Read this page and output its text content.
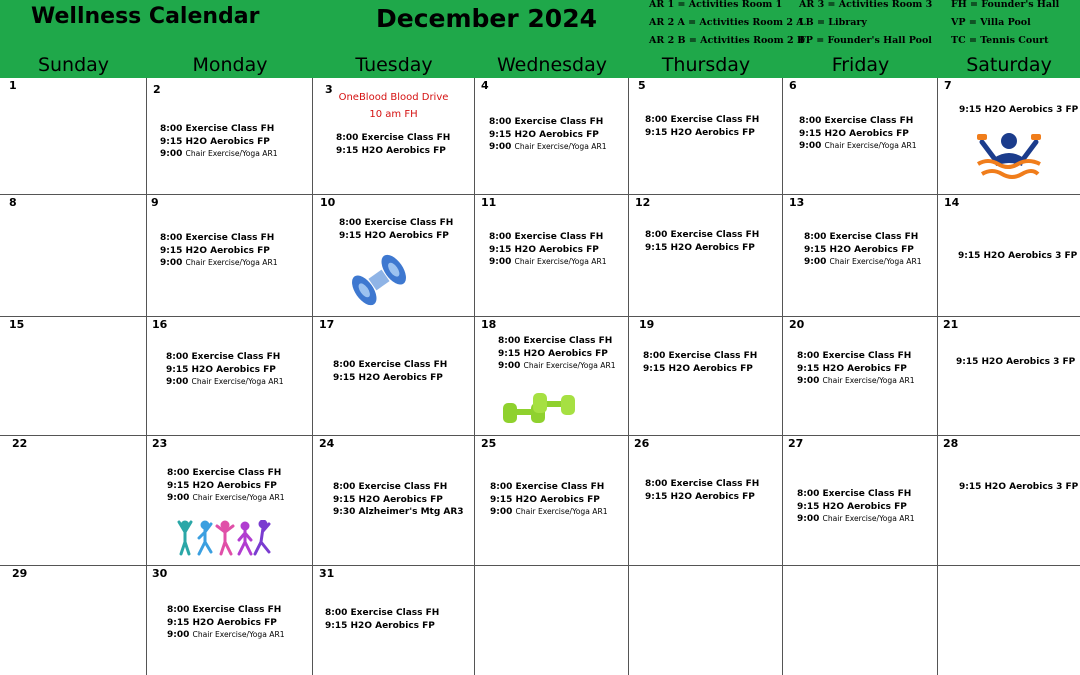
Wellness Calendar	December 2024	AR 1 = Activities Room 1
AR 2 A = Activities Room 2 A
AR 2 B = Activities Room 2 B
AR 3 = Activities Room 3
LB = Library
FP = Founder's Hall Pool
FH = Founder's Hall
VP = Villa Pool
TC = Tennis Court
Sunday	Monday	Tuesday	Wednesday	Thursday	Friday	Saturday
1	2
8:00 Exercise Class FH
9:15 H2O Aerobics FP
9:00 Chair Exercise/Yoga AR1
3
OneBlood Blood Drive
10 am FH
8:00 Exercise Class FH
9:15 H2O Aerobics FP
4
8:00 Exercise Class FH
9:15 H2O Aerobics FP
9:00 Chair Exercise/Yoga AR1
5
8:00 Exercise Class FH
9:15 H2O Aerobics FP
6
8:00 Exercise Class FH
9:15 H2O Aerobics FP
9:00 Chair Exercise/Yoga AR1
7
9:15 H2O Aerobics 3 FP
8	9
8:00 Exercise Class FH
9:15 H2O Aerobics FP
9:00 Chair Exercise/Yoga AR1
10
8:00 Exercise Class FH
9:15 H2O Aerobics FP
11
8:00 Exercise Class FH
9:15 H2O Aerobics FP
9:00 Chair Exercise/Yoga AR1
12
8:00 Exercise Class FH
9:15 H2O Aerobics FP
13
8:00 Exercise Class FH
9:15 H2O Aerobics FP
9:00 Chair Exercise/Yoga AR1
14
9:15 H2O Aerobics 3 FP
15	16
8:00 Exercise Class FH
9:15 H2O Aerobics FP
9:00 Chair Exercise/Yoga AR1
17
8:00 Exercise Class FH
9:15 H2O Aerobics FP
18
8:00 Exercise Class FH
9:15 H2O Aerobics FP
9:00 Chair Exercise/Yoga AR1
19
8:00 Exercise Class FH
9:15 H2O Aerobics FP
20
8:00 Exercise Class FH
9:15 H2O Aerobics FP
9:00 Chair Exercise/Yoga AR1
21
9:15 H2O Aerobics 3 FP
22	23
8:00 Exercise Class FH
9:15 H2O Aerobics FP
9:00 Chair Exercise/Yoga AR1
24
8:00 Exercise Class FH
9:15 H2O Aerobics FP
9:30 Alzheimer's Mtg AR3
25
8:00 Exercise Class FH
9:15 H2O Aerobics FP
9:00 Chair Exercise/Yoga AR1
26
8:00 Exercise Class FH
9:15 H2O Aerobics FP
27
8:00 Exercise Class FH
9:15 H2O Aerobics FP
9:00 Chair Exercise/Yoga AR1
28
9:15 H2O Aerobics 3 FP
29	30
8:00 Exercise Class FH
9:15 H2O Aerobics FP
9:00 Chair Exercise/Yoga AR1
31
8:00 Exercise Class FH
9:15 H2O Aerobics FP
